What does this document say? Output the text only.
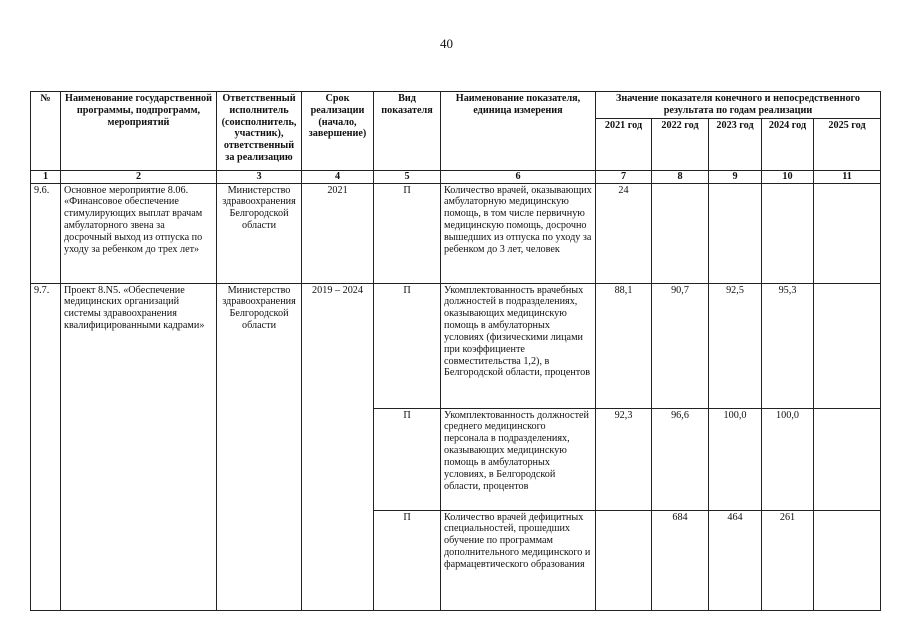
40
№	Наименование государственной программы, подпрограмм, мероприятий	Ответственный исполнитель (соисполнитель, участник), ответственный за реализацию	Срок реализации (начало, завершение)	Вид показателя	Наименование показателя, единица измерения	Значение показателя конечного и непосредственного результата по годам реализации				
						2021 год	2022 год	2023 год	2024 год	2025 год
1	2	3	4	5	6	7	8	9	10	11
9.6.	Основное мероприятие 8.06. «Финансовое обеспечение стимулирующих выплат врачам амбулаторного звена за досрочный выход из отпуска по уходу за ребенком до трех лет»	Министерство здравоохранения Белгородской области	2021	П	Количество врачей, оказывающих амбулаторную медицинскую помощь, в том числе первичную медицинскую помощь, досрочно вышедших из отпуска по уходу за ребенком до 3 лет, человек	24				
9.7.	Проект 8.N5. «Обеспечение медицинских организаций системы здравоохранения квалифицированными кадрами»	Министерство здравоохранения Белгородской области	2019 – 2024	П	Укомплектованность врачебных должностей в подразделениях, оказывающих медицинскую помощь в амбулаторных условиях (физическими лицами при коэффициенте совместительства 1,2), в Белгородской области, процентов	88,1	90,7	92,5	95,3	
				П	Укомплектованность должностей среднего медицинского персонала в подразделениях, оказывающих медицинскую помощь в амбулаторных условиях, в Белгородской области, процентов	92,3	96,6	100,0	100,0	
				П	Количество врачей дефицитных специальностей, прошедших обучение по программам дополнительного медицинского и фармацевтического образования		684	464	261	
